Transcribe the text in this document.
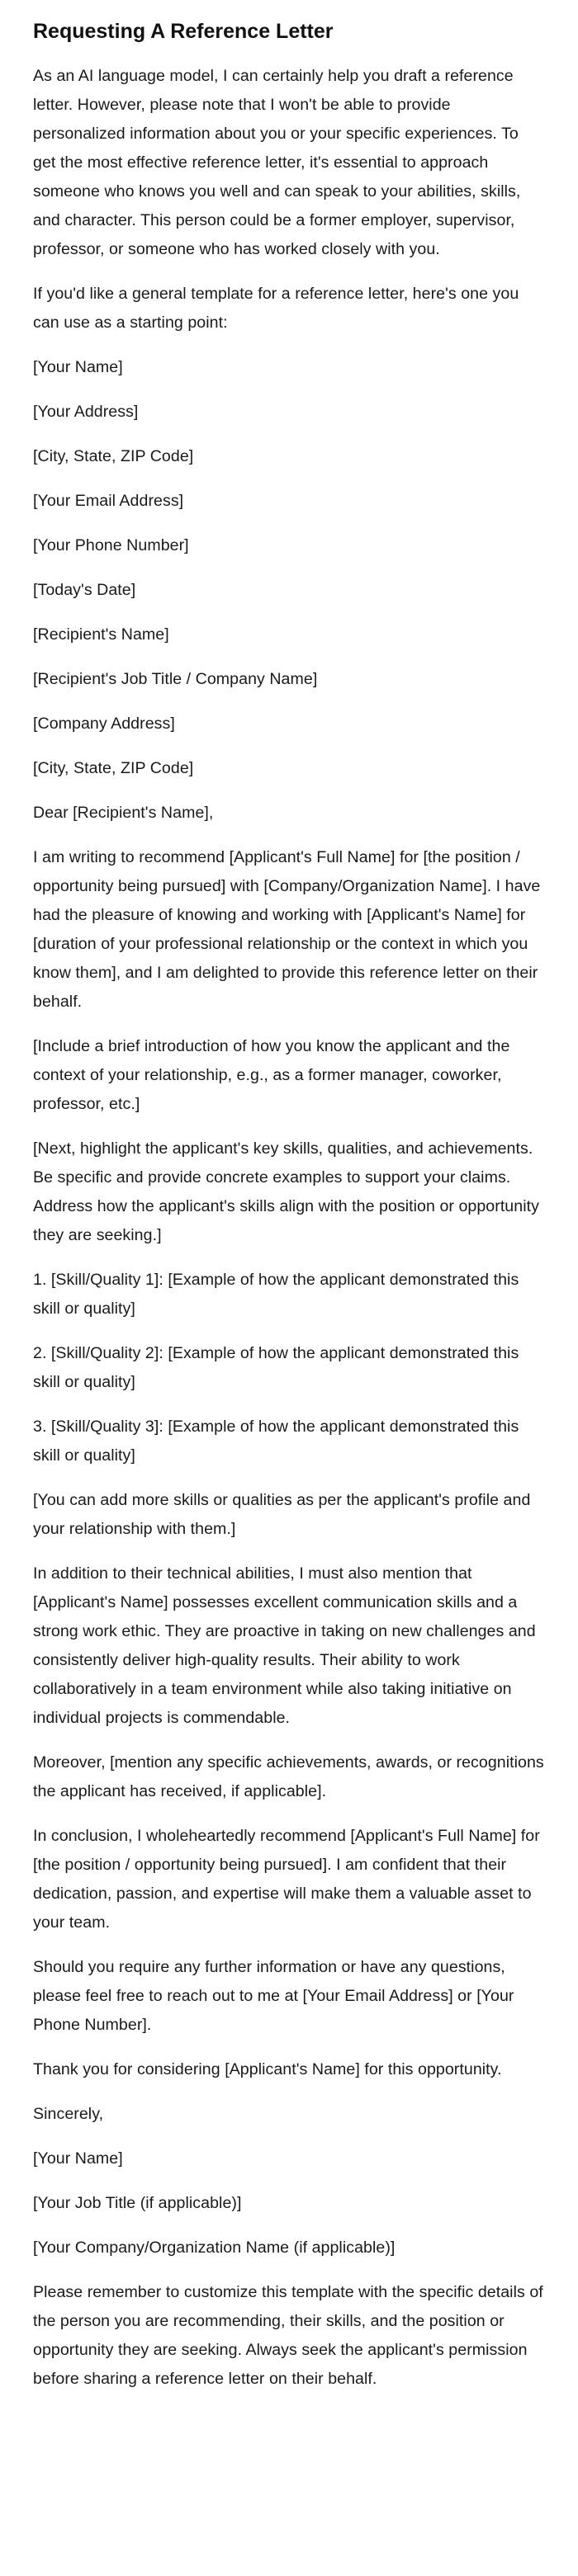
Requesting A Reference Letter

As an AI language model, I can certainly help you draft a reference letter. However, please note that I won't be able to provide personalized information about you or your specific experiences. To get the most effective reference letter, it's essential to approach someone who knows you well and can speak to your abilities, skills, and character. This person could be a former employer, supervisor, professor, or someone who has worked closely with you.

If you'd like a general template for a reference letter, here's one you can use as a starting point:

[Your Name]

[Your Address]

[City, State, ZIP Code]

[Your Email Address]

[Your Phone Number]

[Today's Date]

[Recipient's Name]

[Recipient's Job Title / Company Name]

[Company Address]

[City, State, ZIP Code]

Dear [Recipient's Name],

I am writing to recommend [Applicant's Full Name] for [the position / opportunity being pursued] with [Company/Organization Name]. I have had the pleasure of knowing and working with [Applicant's Name] for [duration of your professional relationship or the context in which you know them], and I am delighted to provide this reference letter on their behalf.

[Include a brief introduction of how you know the applicant and the context of your relationship, e.g., as a former manager, coworker, professor, etc.]

[Next, highlight the applicant's key skills, qualities, and achievements. Be specific and provide concrete examples to support your claims. Address how the applicant's skills align with the position or opportunity they are seeking.]

1. [Skill/Quality 1]: [Example of how the applicant demonstrated this skill or quality]

2. [Skill/Quality 2]: [Example of how the applicant demonstrated this skill or quality]

3. [Skill/Quality 3]: [Example of how the applicant demonstrated this skill or quality]

[You can add more skills or qualities as per the applicant's profile and your relationship with them.]

In addition to their technical abilities, I must also mention that [Applicant's Name] possesses excellent communication skills and a strong work ethic. They are proactive in taking on new challenges and consistently deliver high-quality results. Their ability to work collaboratively in a team environment while also taking initiative on individual projects is commendable.

Moreover, [mention any specific achievements, awards, or recognitions the applicant has received, if applicable].

In conclusion, I wholeheartedly recommend [Applicant's Full Name] for [the position / opportunity being pursued]. I am confident that their dedication, passion, and expertise will make them a valuable asset to your team.

Should you require any further information or have any questions, please feel free to reach out to me at [Your Email Address] or [Your Phone Number].

Thank you for considering [Applicant's Name] for this opportunity.

Sincerely,

[Your Name]

[Your Job Title (if applicable)]

[Your Company/Organization Name (if applicable)]

Please remember to customize this template with the specific details of the person you are recommending, their skills, and the position or opportunity they are seeking. Always seek the applicant's permission before sharing a reference letter on their behalf.
